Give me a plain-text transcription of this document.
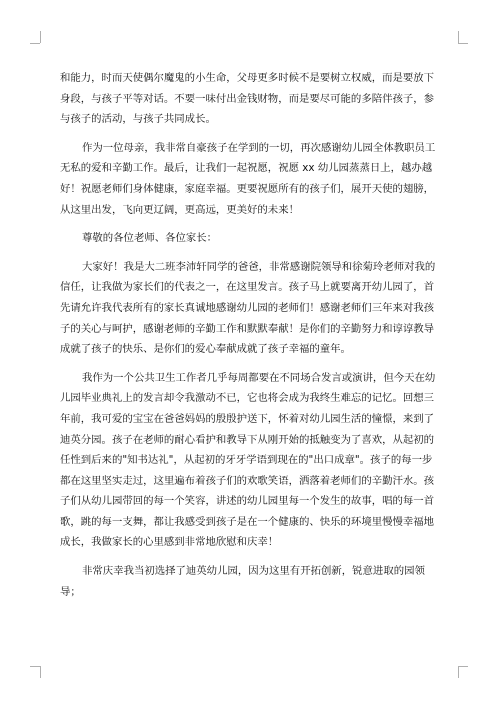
和能力，时而天使偶尔魔鬼的小生命，父母更多时候不是要树立权威，而是要放下身段，与孩子平等对话。不要一味付出金钱财物，而是要尽可能的多陪伴孩子，参与孩子的活动，与孩子共同成长。

作为一位母亲，我非常自豪孩子在学到的一切，再次感谢幼儿园全体教职员工无私的爱和辛勤工作。最后，让我们一起祝愿，祝愿 xx 幼儿园蒸蒸日上，越办越好！祝愿老师们身体健康，家庭幸福。更要祝愿所有的孩子们，展开天使的翅膀，从这里出发，飞向更辽阔，更高远，更美好的未来！

尊敬的各位老师、各位家长：

大家好！我是大二班李沛轩同学的爸爸，非常感谢院领导和徐菊玲老师对我的信任，让我做为家长们的代表之一，在这里发言。孩子马上就要离开幼儿园了，首先请允许我代表所有的家长真诚地感谢幼儿园的老师们！感谢老师们三年来对我孩子的关心与呵护，感谢老师的辛勤工作和默默奉献！是你们的辛勤努力和谆谆教导成就了孩子的快乐、是你们的爱心奉献成就了孩子幸福的童年。

我作为一个公共卫生工作者几乎每周都要在不同场合发言或演讲，但今天在幼儿园毕业典礼上的发言却令我激动不已，它也将会成为我终生难忘的记忆。回想三年前，我可爱的宝宝在爸爸妈妈的殷殷护送下，怀着对幼儿园生活的憧憬，来到了迪英分园。孩子在老师的耐心看护和教导下从刚开始的抵触变为了喜欢，从起初的任性到后来的"知书达礼"，从起初的牙牙学语到现在的"出口成章"。孩子的每一步都在这里坚实走过，这里遍布着孩子们的欢歌笑语，洒落着老师们的辛勤汗水。孩子们从幼儿园带回的每一个笑容，讲述的幼儿园里每一个发生的故事，唱的每一首歌，跳的每一支舞，都让我感受到孩子是在一个健康的、快乐的环境里慢慢幸福地成长，我做家长的心里感到非常地欣慰和庆幸！

非常庆幸我当初选择了迪英幼儿园，因为这里有开拓创新，锐意进取的园领导；
